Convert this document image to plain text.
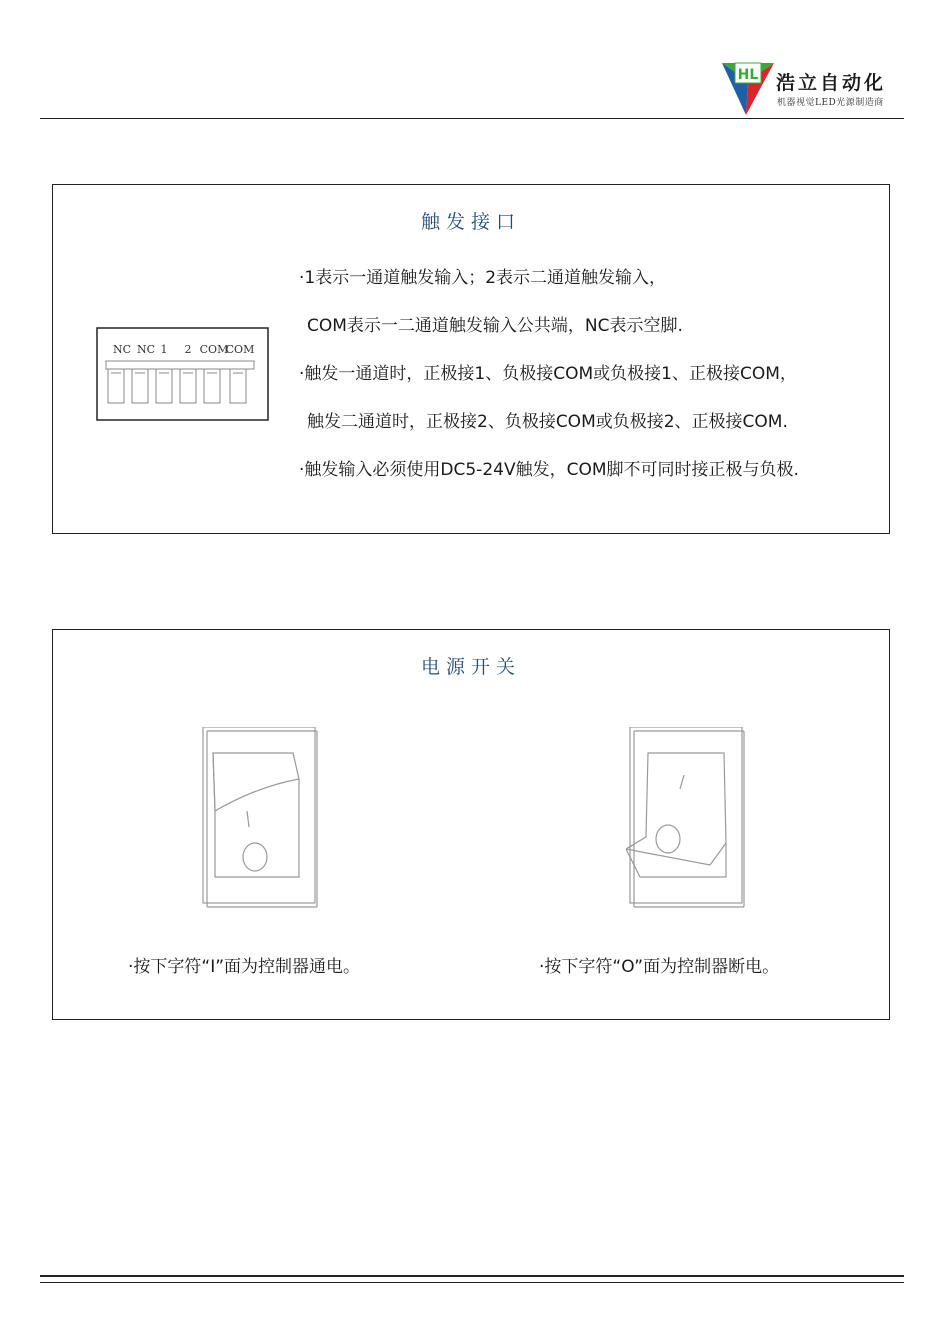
HL 浩立自动化
机器视觉LED光源制造商
触发接口
NC NC 1 2 COM
COM
·1表示一通道触发输入；2表示二通道触发输入，
COM表示一二通道触发输入公共端，NC表示空脚.
·触发一通道时，正极接1、负极接COM或负极接1、正极接COM，
触发二通道时，正极接2、负极接COM或负极接2、正极接COM.
·触发输入必须使用DC5-24V触发，COM脚不可同时接正极与负极.
电源开关
·按下字符“I”面为控制器通电。	·按下字符“O”面为控制器断电。
